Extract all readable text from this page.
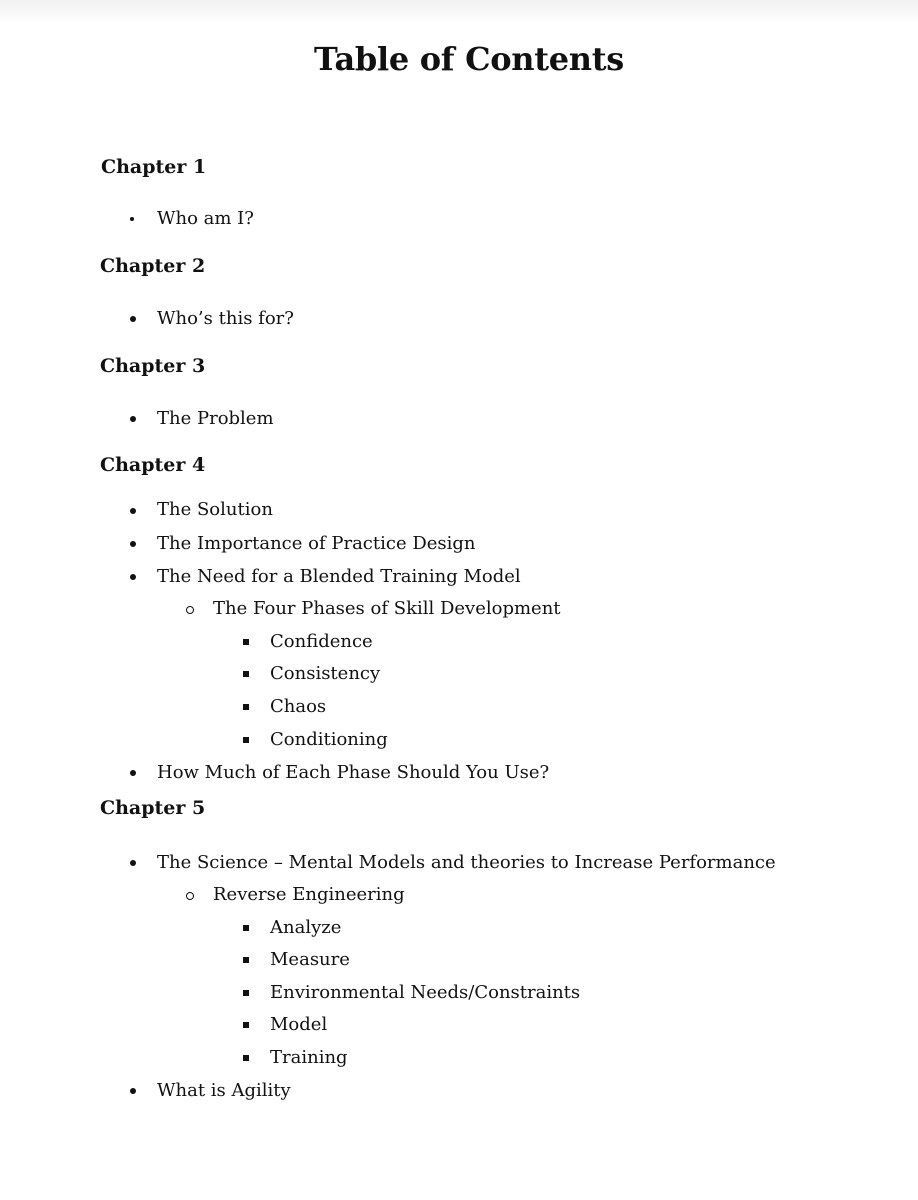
Table of Contents
Chapter 1
Who am I?
Chapter 2
Who’s this for?
Chapter 3
The Problem
Chapter 4
The Solution
The Importance of Practice Design
The Need for a Blended Training Model
The Four Phases of Skill Development
Confidence
Consistency
Chaos
Conditioning
How Much of Each Phase Should You Use?
Chapter 5
The Science – Mental Models and theories to Increase Performance
Reverse Engineering
Analyze
Measure
Environmental Needs/Constraints
Model
Training
What is Agility
